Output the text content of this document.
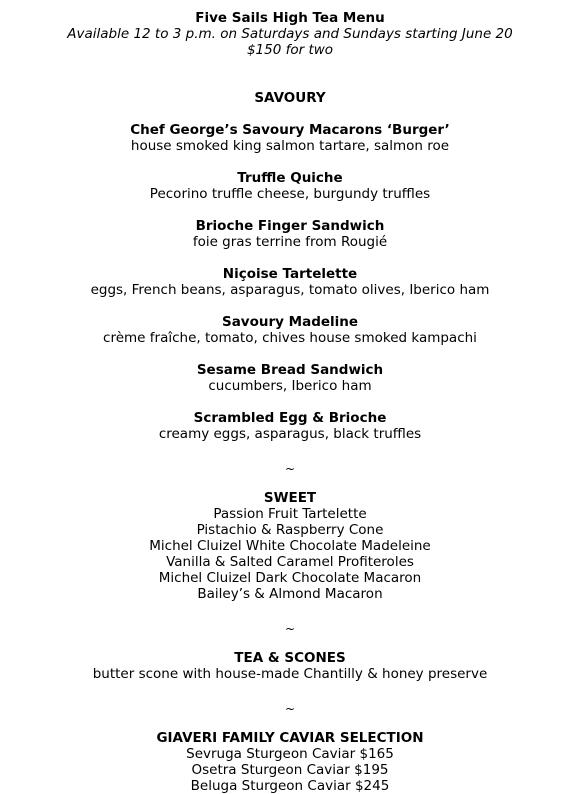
Five Sails High Tea Menu
Available 12 to 3 p.m. on Saturdays and Sundays starting June 20
$150 for two
SAVOURY
Chef George’s Savoury Macarons ‘Burger’
house smoked king salmon tartare, salmon roe
Truffle Quiche
Pecorino truffle cheese, burgundy truffles
Brioche Finger Sandwich
foie gras terrine from Rougié
Niçoise Tartelette
eggs, French beans, asparagus, tomato olives, Iberico ham
Savoury Madeline
crème fraîche, tomato, chives house smoked kampachi
Sesame Bread Sandwich
cucumbers, Iberico ham
Scrambled Egg & Brioche
creamy eggs, asparagus, black truffles
~
SWEET
Passion Fruit Tartelette
Pistachio & Raspberry Cone
Michel Cluizel White Chocolate Madeleine
Vanilla & Salted Caramel Profiteroles
Michel Cluizel Dark Chocolate Macaron
Bailey’s & Almond Macaron
~
TEA & SCONES
butter scone with house-made Chantilly & honey preserve
~
GIAVERI FAMILY CAVIAR SELECTION
Sevruga Sturgeon Caviar $165
Osetra Sturgeon Caviar $195
Beluga Sturgeon Caviar $245
